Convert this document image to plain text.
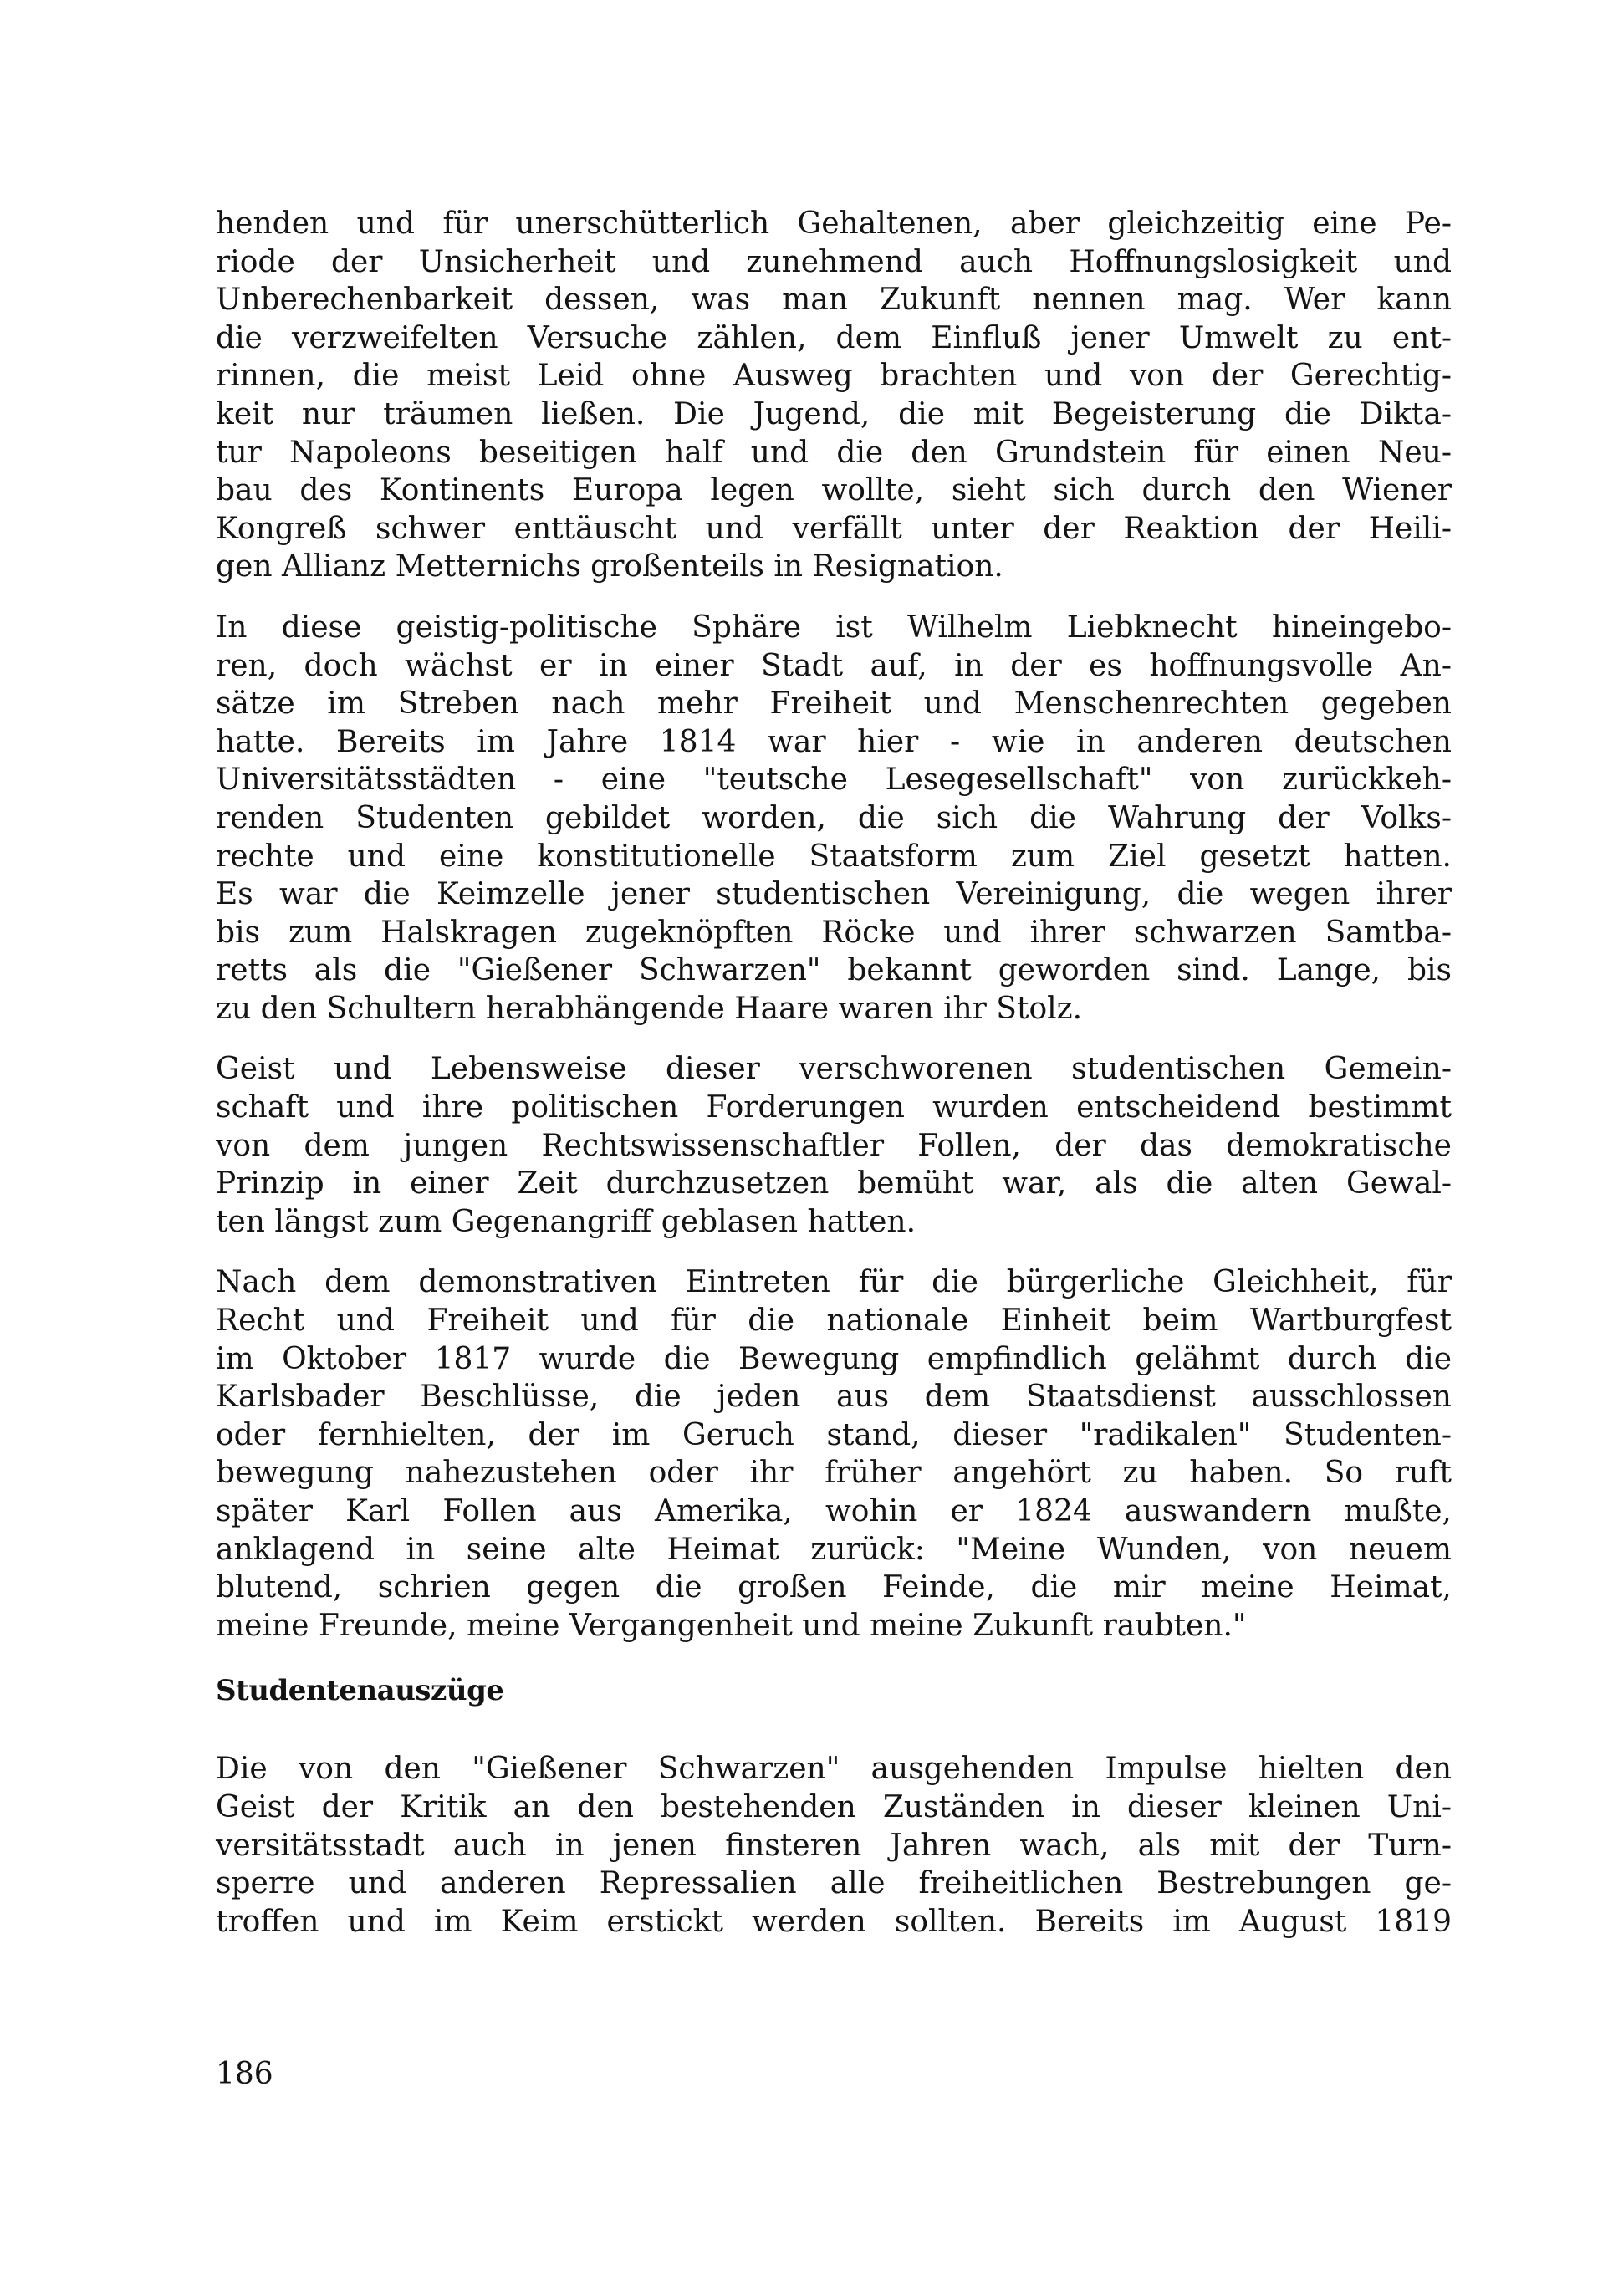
henden und für unerschütterlich Gehaltenen, aber gleichzeitig eine Pe-
riode der Unsicherheit und zunehmend auch Hoffnungslosigkeit und
Unberechenbarkeit dessen, was man Zukunft nennen mag. Wer kann
die verzweifelten Versuche zählen, dem Einfluß jener Umwelt zu ent-
rinnen, die meist Leid ohne Ausweg brachten und von der Gerechtig-
keit nur träumen ließen. Die Jugend, die mit Begeisterung die Dikta-
tur Napoleons beseitigen half und die den Grundstein für einen Neu-
bau des Kontinents Europa legen wollte, sieht sich durch den Wiener
Kongreß schwer enttäuscht und verfällt unter der Reaktion der Heili-
gen Allianz Metternichs großenteils in Resignation.
In diese geistig-politische Sphäre ist Wilhelm Liebknecht hineingebo-
ren, doch wächst er in einer Stadt auf, in der es hoffnungsvolle An-
sätze im Streben nach mehr Freiheit und Menschenrechten gegeben
hatte. Bereits im Jahre 1814 war hier - wie in anderen deutschen
Universitätsstädten - eine "teutsche Lesegesellschaft" von zurückkeh-
renden Studenten gebildet worden, die sich die Wahrung der Volks-
rechte und eine konstitutionelle Staatsform zum Ziel gesetzt hatten.
Es war die Keimzelle jener studentischen Vereinigung, die wegen ihrer
bis zum Halskragen zugeknöpften Röcke und ihrer schwarzen Samtba-
retts als die "Gießener Schwarzen" bekannt geworden sind. Lange, bis
zu den Schultern herabhängende Haare waren ihr Stolz.
Geist und Lebensweise dieser verschworenen studentischen Gemein-
schaft und ihre politischen Forderungen wurden entscheidend bestimmt
von dem jungen Rechtswissenschaftler Follen, der das demokratische
Prinzip in einer Zeit durchzusetzen bemüht war, als die alten Gewal-
ten längst zum Gegenangriff geblasen hatten.
Nach dem demonstrativen Eintreten für die bürgerliche Gleichheit, für
Recht und Freiheit und für die nationale Einheit beim Wartburgfest
im Oktober 1817 wurde die Bewegung empfindlich gelähmt durch die
Karlsbader Beschlüsse, die jeden aus dem Staatsdienst ausschlossen
oder fernhielten, der im Geruch stand, dieser "radikalen" Studenten-
bewegung nahezustehen oder ihr früher angehört zu haben. So ruft
später Karl Follen aus Amerika, wohin er 1824 auswandern mußte,
anklagend in seine alte Heimat zurück: "Meine Wunden, von neuem
blutend, schrien gegen die großen Feinde, die mir meine Heimat,
meine Freunde, meine Vergangenheit und meine Zukunft raubten."
Studentenauszüge
Die von den "Gießener Schwarzen" ausgehenden Impulse hielten den
Geist der Kritik an den bestehenden Zuständen in dieser kleinen Uni-
versitätsstadt auch in jenen finsteren Jahren wach, als mit der Turn-
sperre und anderen Repressalien alle freiheitlichen Bestrebungen ge-
troffen und im Keim erstickt werden sollten. Bereits im August 1819

186
